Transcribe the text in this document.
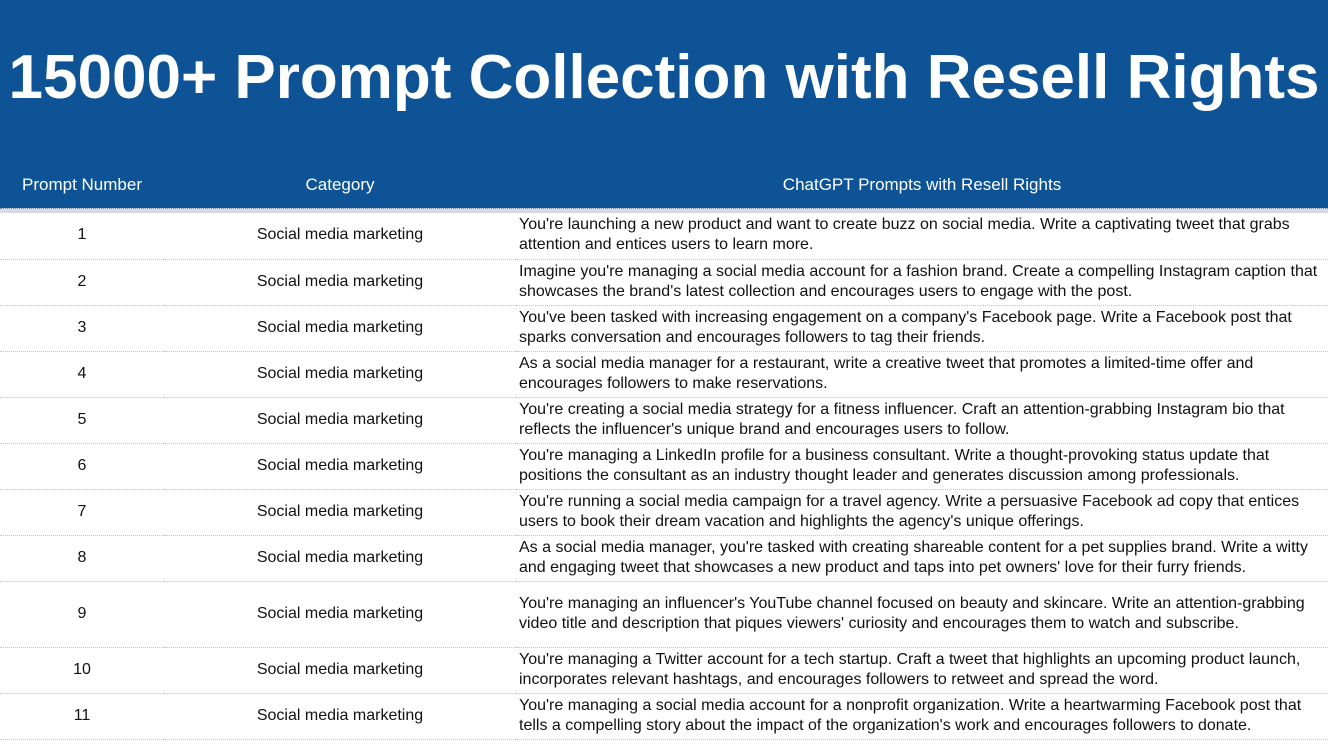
15000+ Prompt Collection with Resell Rights
Prompt Number	Category	ChatGPT Prompts with Resell Rights
1	Social media marketing	You're launching a new product and want to create buzz on social media. Write a captivating tweet that grabs attention and entices users to learn more.
2	Social media marketing	Imagine you're managing a social media account for a fashion brand. Create a compelling Instagram caption that showcases the brand's latest collection and encourages users to engage with the post.
3	Social media marketing	You've been tasked with increasing engagement on a company's Facebook page. Write a Facebook post that sparks conversation and encourages followers to tag their friends.
4	Social media marketing	As a social media manager for a restaurant, write a creative tweet that promotes a limited-time offer and encourages followers to make reservations.
5	Social media marketing	You're creating a social media strategy for a fitness influencer. Craft an attention-grabbing Instagram bio that reflects the influencer's unique brand and encourages users to follow.
6	Social media marketing	You're managing a LinkedIn profile for a business consultant. Write a thought-provoking status update that positions the consultant as an industry thought leader and generates discussion among professionals.
7	Social media marketing	You're running a social media campaign for a travel agency. Write a persuasive Facebook ad copy that entices users to book their dream vacation and highlights the agency's unique offerings.
8	Social media marketing	As a social media manager, you're tasked with creating shareable content for a pet supplies brand. Write a witty and engaging tweet that showcases a new product and taps into pet owners' love for their furry friends.
9	Social media marketing	You're managing an influencer's YouTube channel focused on beauty and skincare. Write an attention-grabbing video title and description that piques viewers' curiosity and encourages them to watch and subscribe.
10	Social media marketing	You're managing a Twitter account for a tech startup. Craft a tweet that highlights an upcoming product launch, incorporates relevant hashtags, and encourages followers to retweet and spread the word.
11	Social media marketing	You're managing a social media account for a nonprofit organization. Write a heartwarming Facebook post that tells a compelling story about the impact of the organization's work and encourages followers to donate.
